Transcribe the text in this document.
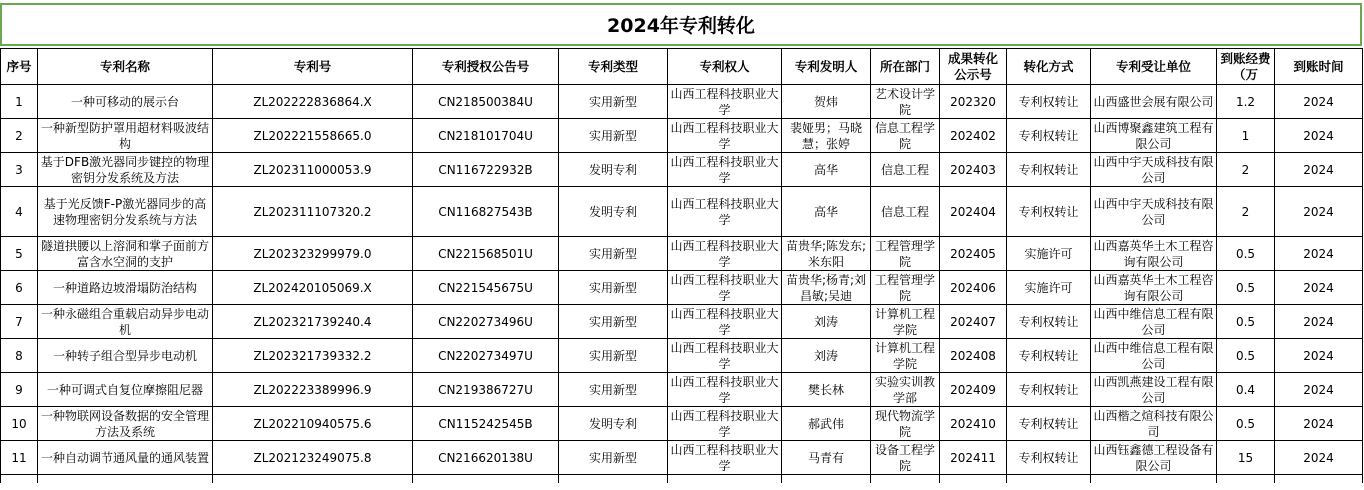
2024年专利转化
序号	专利名称	专利号	专利授权公告号	专利类型	专利权人	专利发明人	所在部门	成果转化公示号	转化方式	专利受让单位	到账经费（万	到账时间

1	一种可移动的展示台	ZL202222836864.X	CN218500384U	实用新型	山西工程科技职业大学	贺炜	艺术设计学院	202320	专利权转让	山西盛世会展有限公司	1.2	2024

2	一种新型防护罩用超材料吸波结构	ZL202221558665.0	CN218101704U	实用新型	山西工程科技职业大学	裴娅男；马晓慧；张婷	信息工程学院	202402	专利权转让	山西博聚鑫建筑工程有限公司	1	2024

3	基于DFB激光器同步键控的物理密钥分发系统及方法	ZL202311000053.9	CN116722932B	发明专利	山西工程科技职业大学	高华	信息工程	202403	专利权转让	山西中宇天成科技有限公司	2	2024

4	基于光反馈F-P激光器同步的高速物理密钥分发系统与方法	ZL202311107320.2	CN116827543B	发明专利	山西工程科技职业大学	高华	信息工程	202404	专利权转让	山西中宇天成科技有限公司	2	2024

5	隧道拱腰以上溶洞和掌子面前方富含水空洞的支护	ZL202323299979.0	CN221568501U	实用新型	山西工程科技职业大学	苗贵华;陈发东;米东阳	工程管理学院	202405	实施许可	山西嘉英华土木工程咨询有限公司	0.5	2024

6	一种道路边坡滑塌防治结构	ZL202420105069.X	CN221545675U	实用新型	山西工程科技职业大学	苗贵华;杨青;刘昌敏;吴迪	工程管理学院	202406	实施许可	山西嘉英华土木工程咨询有限公司	0.5	2024

7	一种永磁组合重载启动异步电动机	ZL202321739240.4	CN220273496U	实用新型	山西工程科技职业大学	刘涛	计算机工程学院	202407	专利权转让	山西中维信息工程有限公司	0.5	2024

8	一种转子组合型异步电动机	ZL202321739332.2	CN220273497U	实用新型	山西工程科技职业大学	刘涛	计算机工程学院	202408	专利权转让	山西中维信息工程有限公司	0.5	2024

9	一种可调式自复位摩擦阻尼器	ZL202223389996.9	CN219386727U	实用新型	山西工程科技职业大学	樊长林	实验实训教学部	202409	专利权转让	山西凯燕建设工程有限公司	0.4	2024

10	一种物联网设备数据的安全管理方法及系统	ZL202210940575.6	CN115242545B	发明专利	山西工程科技职业大学	郝武伟	现代物流学院	202410	专利权转让	山西楷之煊科技有限公司	0.5	2024

11	一种自动调节通风量的通风装置	ZL202123249075.8	CN216620138U	实用新型	山西工程科技职业大学	马青有	设备工程学院	202411	专利权转让	山西钰鑫德工程设备有限公司	15	2024
